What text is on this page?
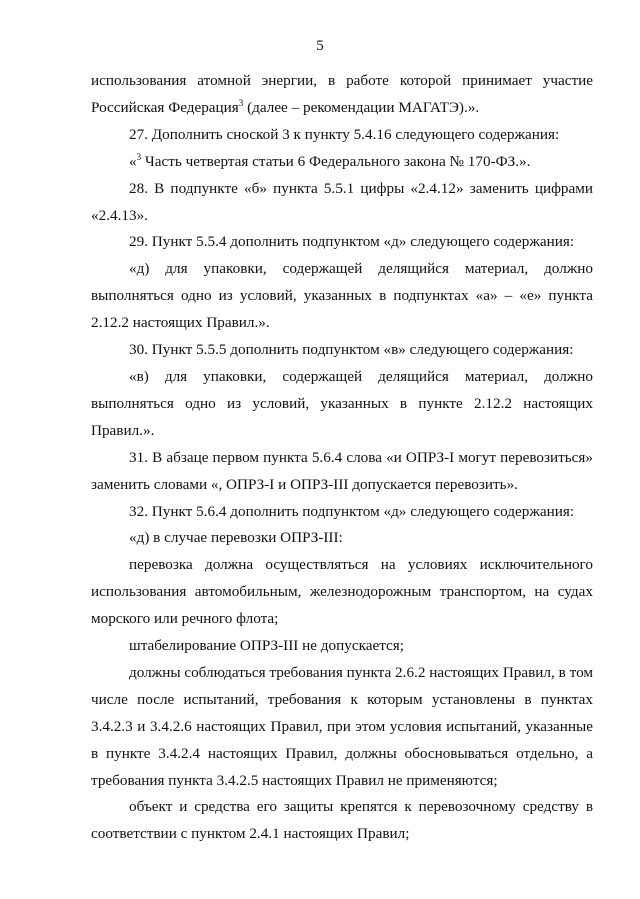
5

использования атомной энергии, в работе которой принимает участие Российская Федерация$^3$ (далее – рекомендации МАГАТЭ).».

27. Дополнить сноской 3 к пункту 5.4.16 следующего содержания:

«$^3$ Часть четвертая статьи 6 Федерального закона № 170-ФЗ.».

28. В подпункте «б» пункта 5.5.1 цифры «2.4.12» заменить цифрами «2.4.13».

29. Пункт 5.5.4 дополнить подпунктом «д» следующего содержания:

«д) для упаковки, содержащей делящийся материал, должно выполняться одно из условий, указанных в подпунктах «а» – «е» пункта 2.12.2 настоящих Правил.».

30. Пункт 5.5.5 дополнить подпунктом «в» следующего содержания:

«в) для упаковки, содержащей делящийся материал, должно выполняться одно из условий, указанных в пункте 2.12.2 настоящих Правил.».

31. В абзаце первом пункта 5.6.4 слова «и ОПРЗ-I могут перевозиться» заменить словами «, ОПРЗ-I и ОПРЗ-III допускается перевозить».

32. Пункт 5.6.4 дополнить подпунктом «д» следующего содержания:

«д) в случае перевозки ОПРЗ-III:

перевозка должна осуществляться на условиях исключительного использования автомобильным, железнодорожным транспортом, на судах морского или речного флота;

штабелирование ОПРЗ-III не допускается;

должны соблюдаться требования пункта 2.6.2 настоящих Правил, в том числе после испытаний, требования к которым установлены в пунктах 3.4.2.3 и 3.4.2.6 настоящих Правил, при этом условия испытаний, указанные в пункте 3.4.2.4 настоящих Правил, должны обосновываться отдельно, а требования пункта 3.4.2.5 настоящих Правил не применяются;

объект и средства его защиты крепятся к перевозочному средству в соответствии с пунктом 2.4.1 настоящих Правил;
